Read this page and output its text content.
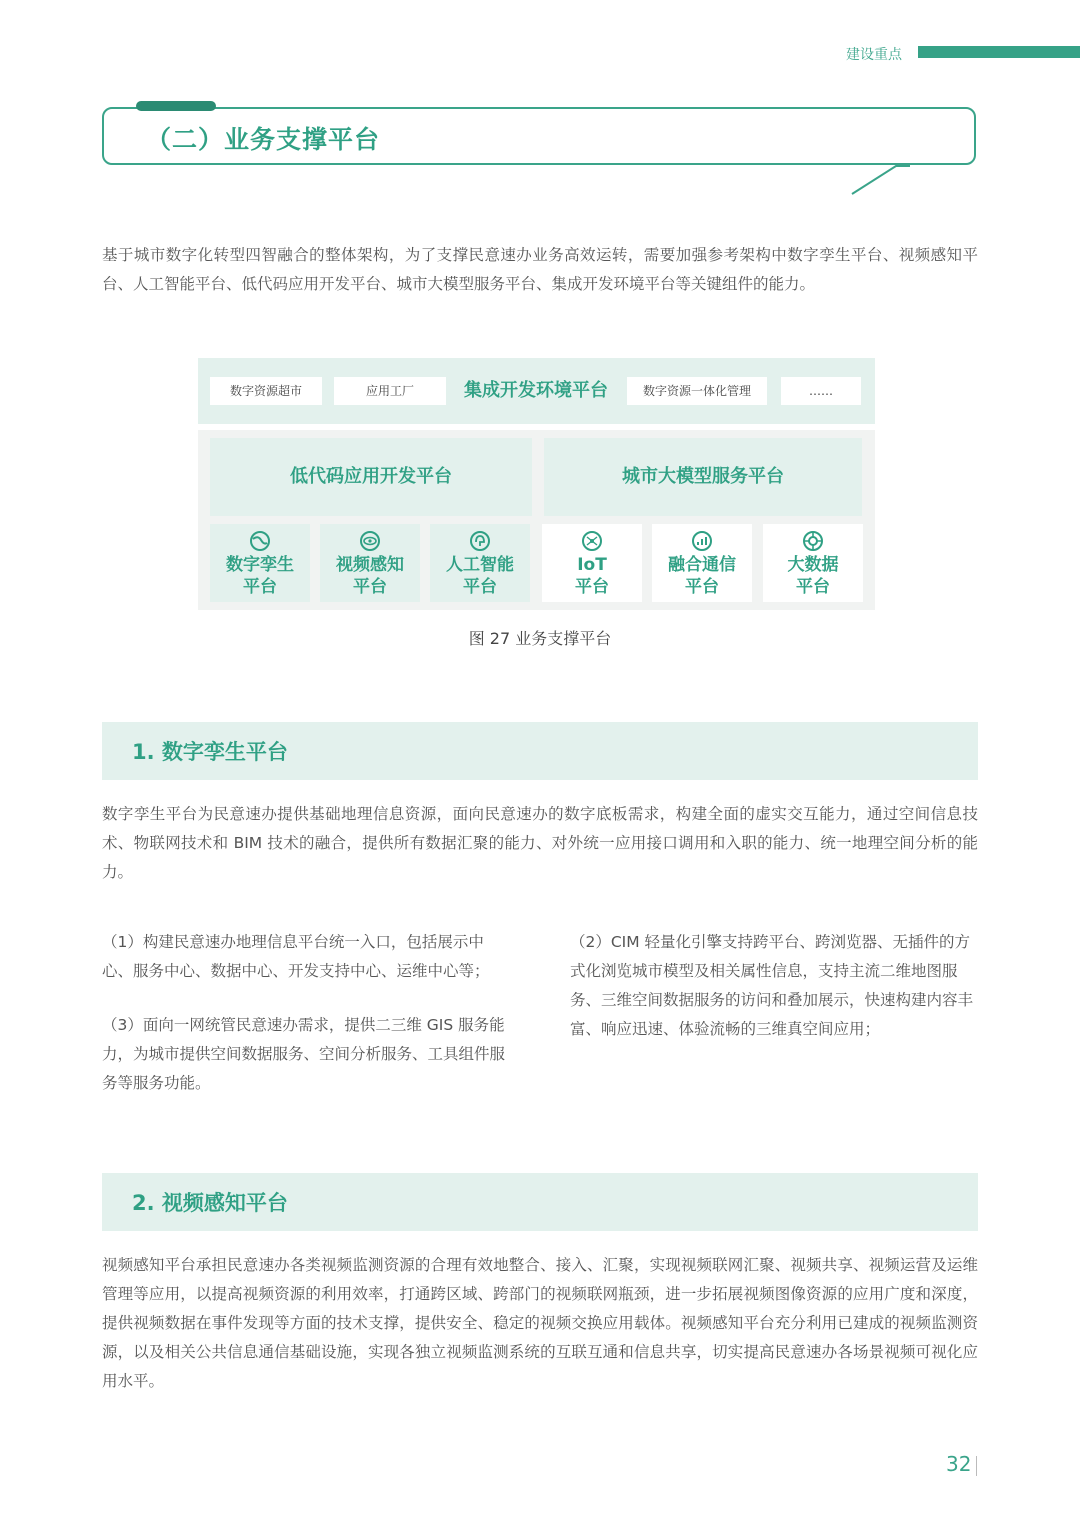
建设重点
（二）业务支撑平台
基于城市数字化转型四智融合的整体架构，为了支撑民意速办业务高效运转，需要加强参考架构中数字孪生平台、视频感知平台、人工智能平台、低代码应用开发平台、城市大模型服务平台、集成开发环境平台等关键组件的能力。
数字资源超市	应用工厂	集成开发环境平台	数字资源一体化管理	……
低代码应用开发平台	城市大模型服务平台
数字孪生
平台
视频感知
平台
人工智能
平台
IoT
平台
融合通信
平台
大数据
平台
图 27 业务支撑平台
1. 数字孪生平台
数字孪生平台为民意速办提供基础地理信息资源，面向民意速办的数字底板需求，构建全面的虚实交互能力，通过空间信息技术、物联网技术和 BIM 技术的融合，提供所有数据汇聚的能力、对外统一应用接口调用和入职的能力、统一地理空间分析的能力。
（1）构建民意速办地理信息平台统一入口，包括展示中心、服务中心、数据中心、开发支持中心、运维中心等；
（3）面向一网统管民意速办需求，提供二三维 GIS 服务能力，为城市提供空间数据服务、空间分析服务、工具组件服务等服务功能。
（2）CIM 轻量化引擎支持跨平台、跨浏览器、无插件的方式化浏览城市模型及相关属性信息，支持主流二维地图服务、三维空间数据服务的访问和叠加展示，快速构建内容丰富、响应迅速、体验流畅的三维真空间应用；
2. 视频感知平台
视频感知平台承担民意速办各类视频监测资源的合理有效地整合、接入、汇聚，实现视频联网汇聚、视频共享、视频运营及运维管理等应用，以提高视频资源的利用效率，打通跨区域、跨部门的视频联网瓶颈，进一步拓展视频图像资源的应用广度和深度，提供视频数据在事件发现等方面的技术支撑，提供安全、稳定的视频交换应用载体。视频感知平台充分利用已建成的视频监测资源，以及相关公共信息通信基础设施，实现各独立视频监测系统的互联互通和信息共享，切实提高民意速办各场景视频可视化应用水平。
32
